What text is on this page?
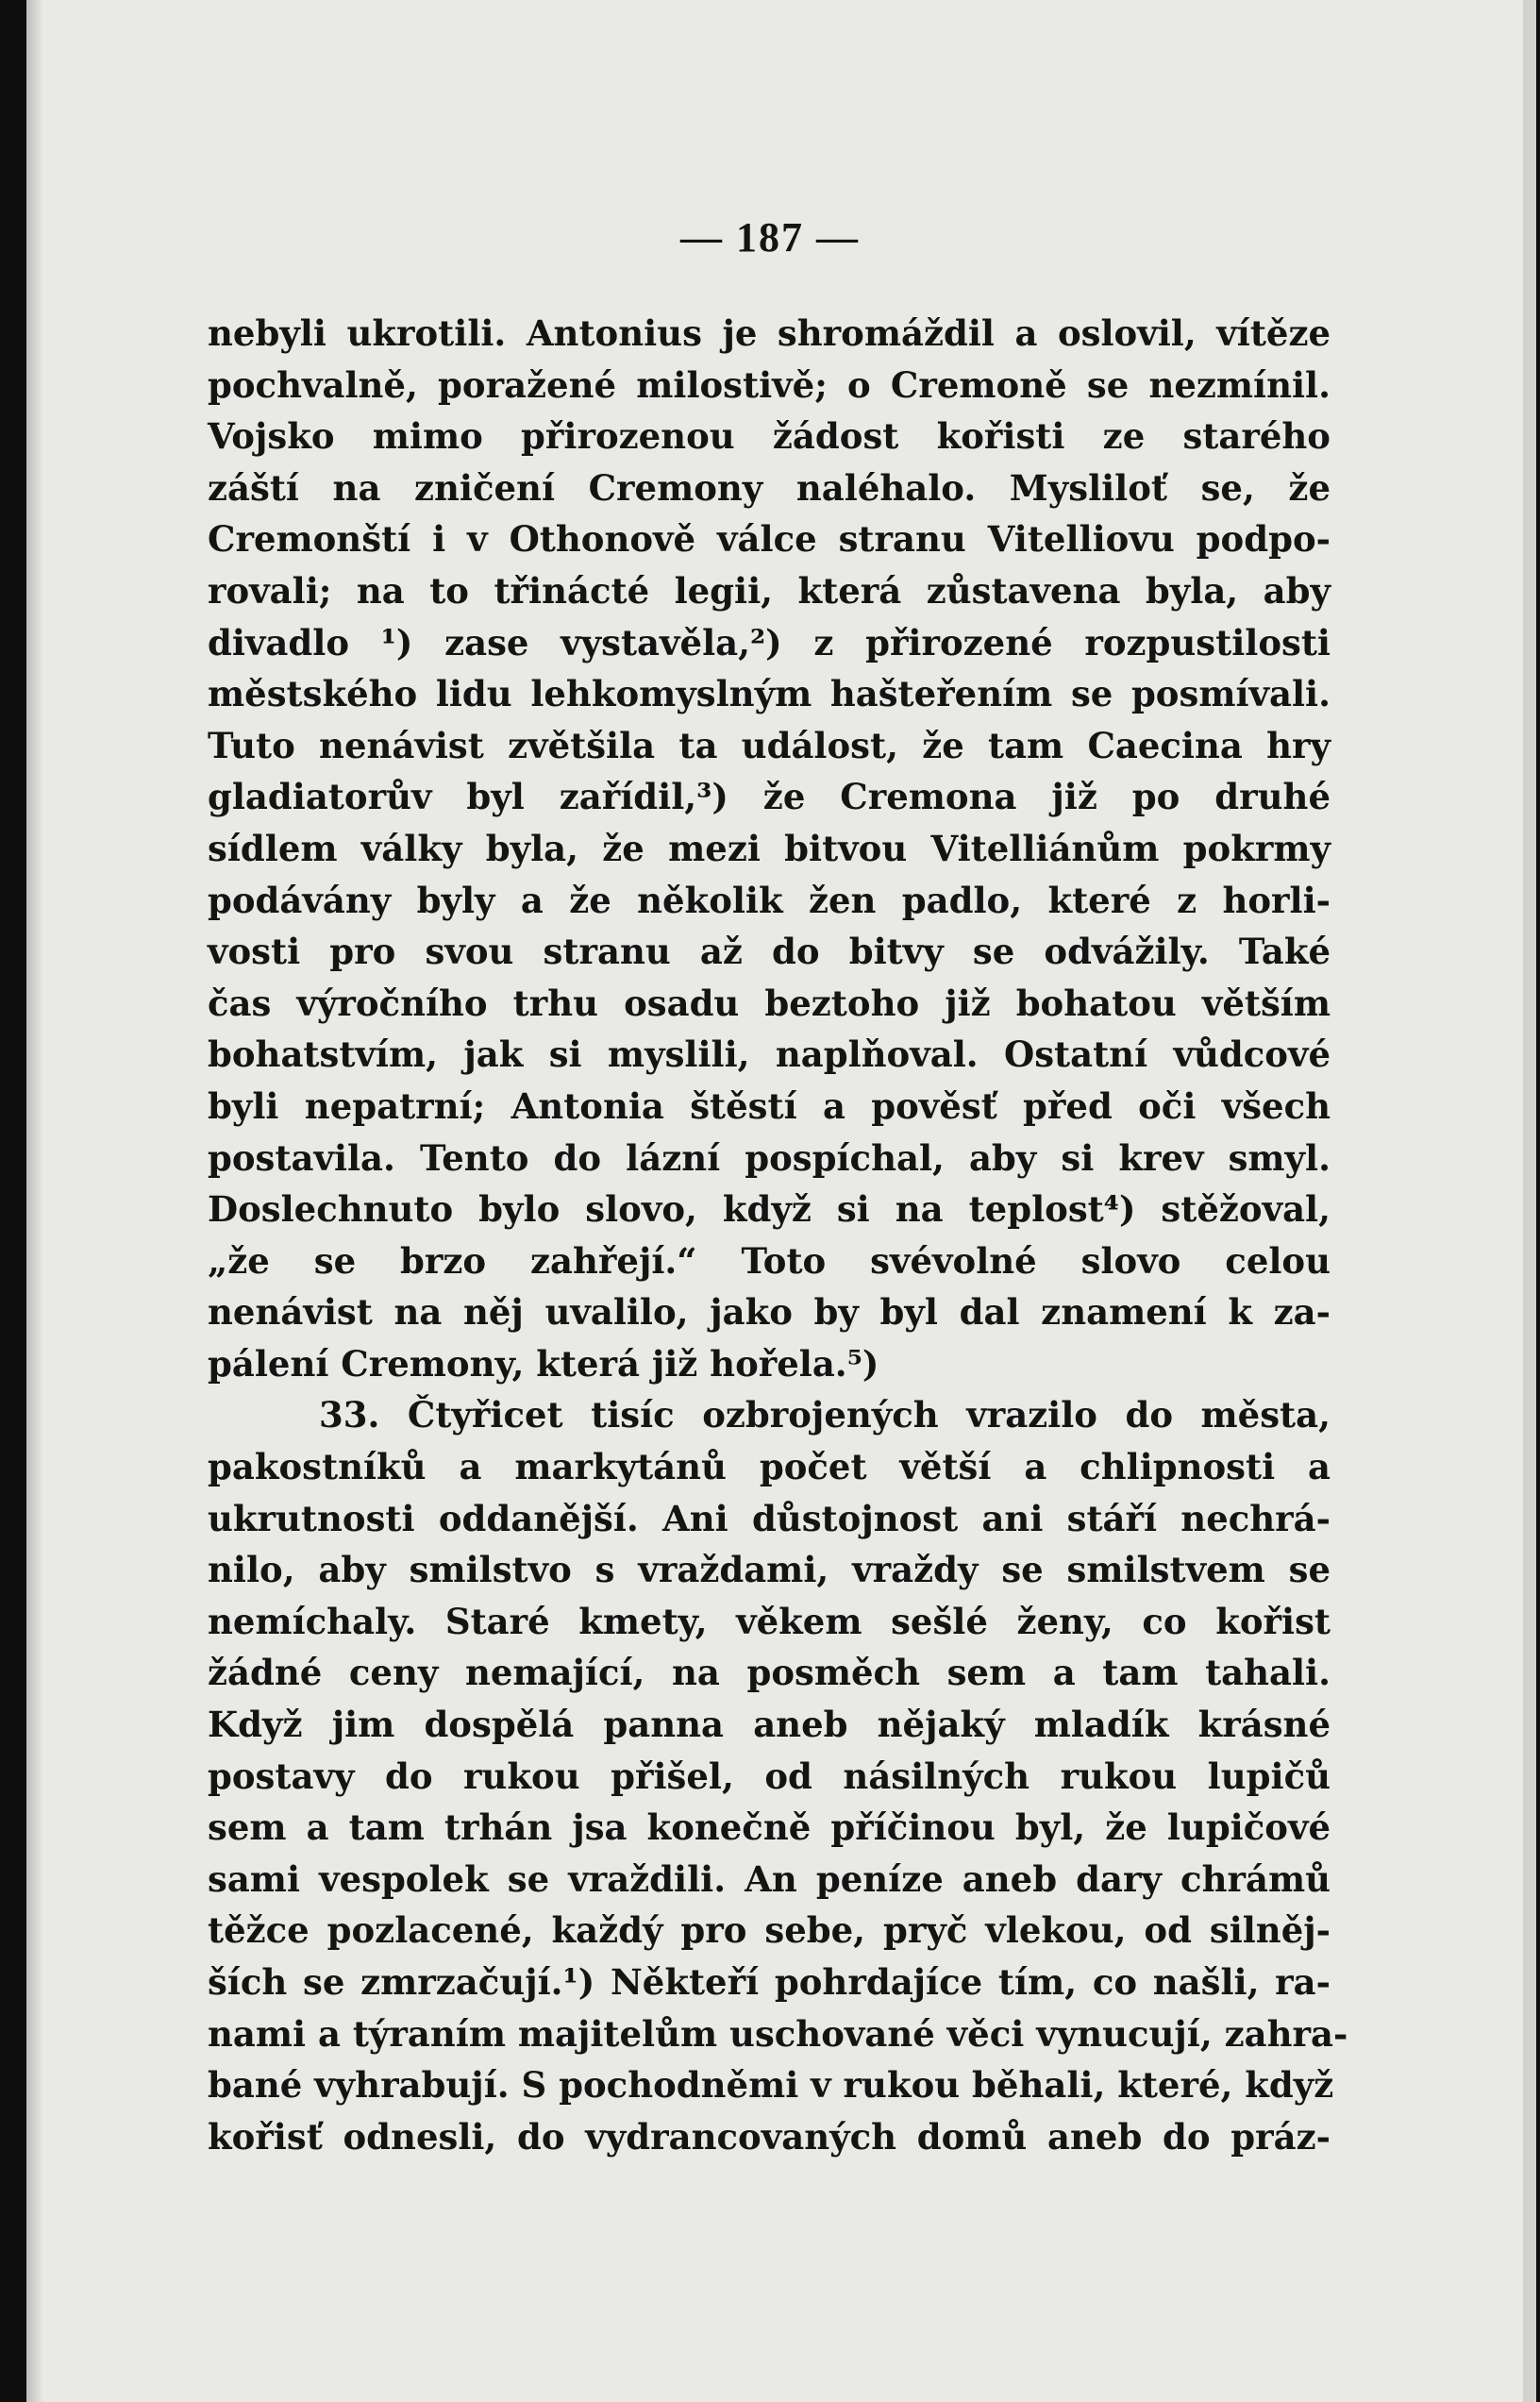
— 187 —
nebyli ukrotili. Antonius je shromáždil a oslovil, vítěze
pochvalně, poražené milostivě; o Cremoně se nezmínil.
Vojsko mimo přirozenou žádost kořisti ze starého
záští na zničení Cremony naléhalo. Mysliloť se, že
Cremonští i v Othonově válce stranu Vitelliovu podpo-
rovali; na to třinácté legii, která zůstavena byla, aby
divadlo ¹) zase vystavěla,²) z přirozené rozpustilosti
městského lidu lehkomyslným hašteřením se posmívali.
Tuto nenávist zvětšila ta událost, že tam Caecina hry
gladiatorův byl zařídil,³) že Cremona již po druhé
sídlem války byla, že mezi bitvou Vitelliánům pokrmy
podávány byly a že několik žen padlo, které z horli-
vosti pro svou stranu až do bitvy se odvážily. Také
čas výročního trhu osadu beztoho již bohatou větším
bohatstvím, jak si myslili, naplňoval. Ostatní vůdcové
byli nepatrní; Antonia štěstí a pověsť před oči všech
postavila. Tento do lázní pospíchal, aby si krev smyl.
Doslechnuto bylo slovo, když si na teplost⁴) stěžoval,
„že se brzo zahřejí.“ Toto svévolné slovo celou
nenávist na něj uvalilo, jako by byl dal znamení k za-
pálení Cremony, která již hořela.⁵)
33. Čtyřicet tisíc ozbrojených vrazilo do města,
pakostníků a markytánů počet větší a chlipnosti a
ukrutnosti oddanější. Ani důstojnost ani stáří nechrá-
nilo, aby smilstvo s vraždami, vraždy se smilstvem se
nemíchaly. Staré kmety, věkem sešlé ženy, co kořist
žádné ceny nemající, na posměch sem a tam tahali.
Když jim dospělá panna aneb nějaký mladík krásné
postavy do rukou přišel, od násilných rukou lupičů
sem a tam trhán jsa konečně příčinou byl, že lupičové
sami vespolek se vraždili. An peníze aneb dary chrámů
těžce pozlacené, každý pro sebe, pryč vlekou, od silněj-
ších se zmrzačují.¹) Někteří pohrdajíce tím, co našli, ra-
nami a týraním majitelům uschované věci vynucují, zahra-
bané vyhrabují. S pochodněmi v rukou běhali, které, když
kořisť odnesli, do vydrancovaných domů aneb do práz-
